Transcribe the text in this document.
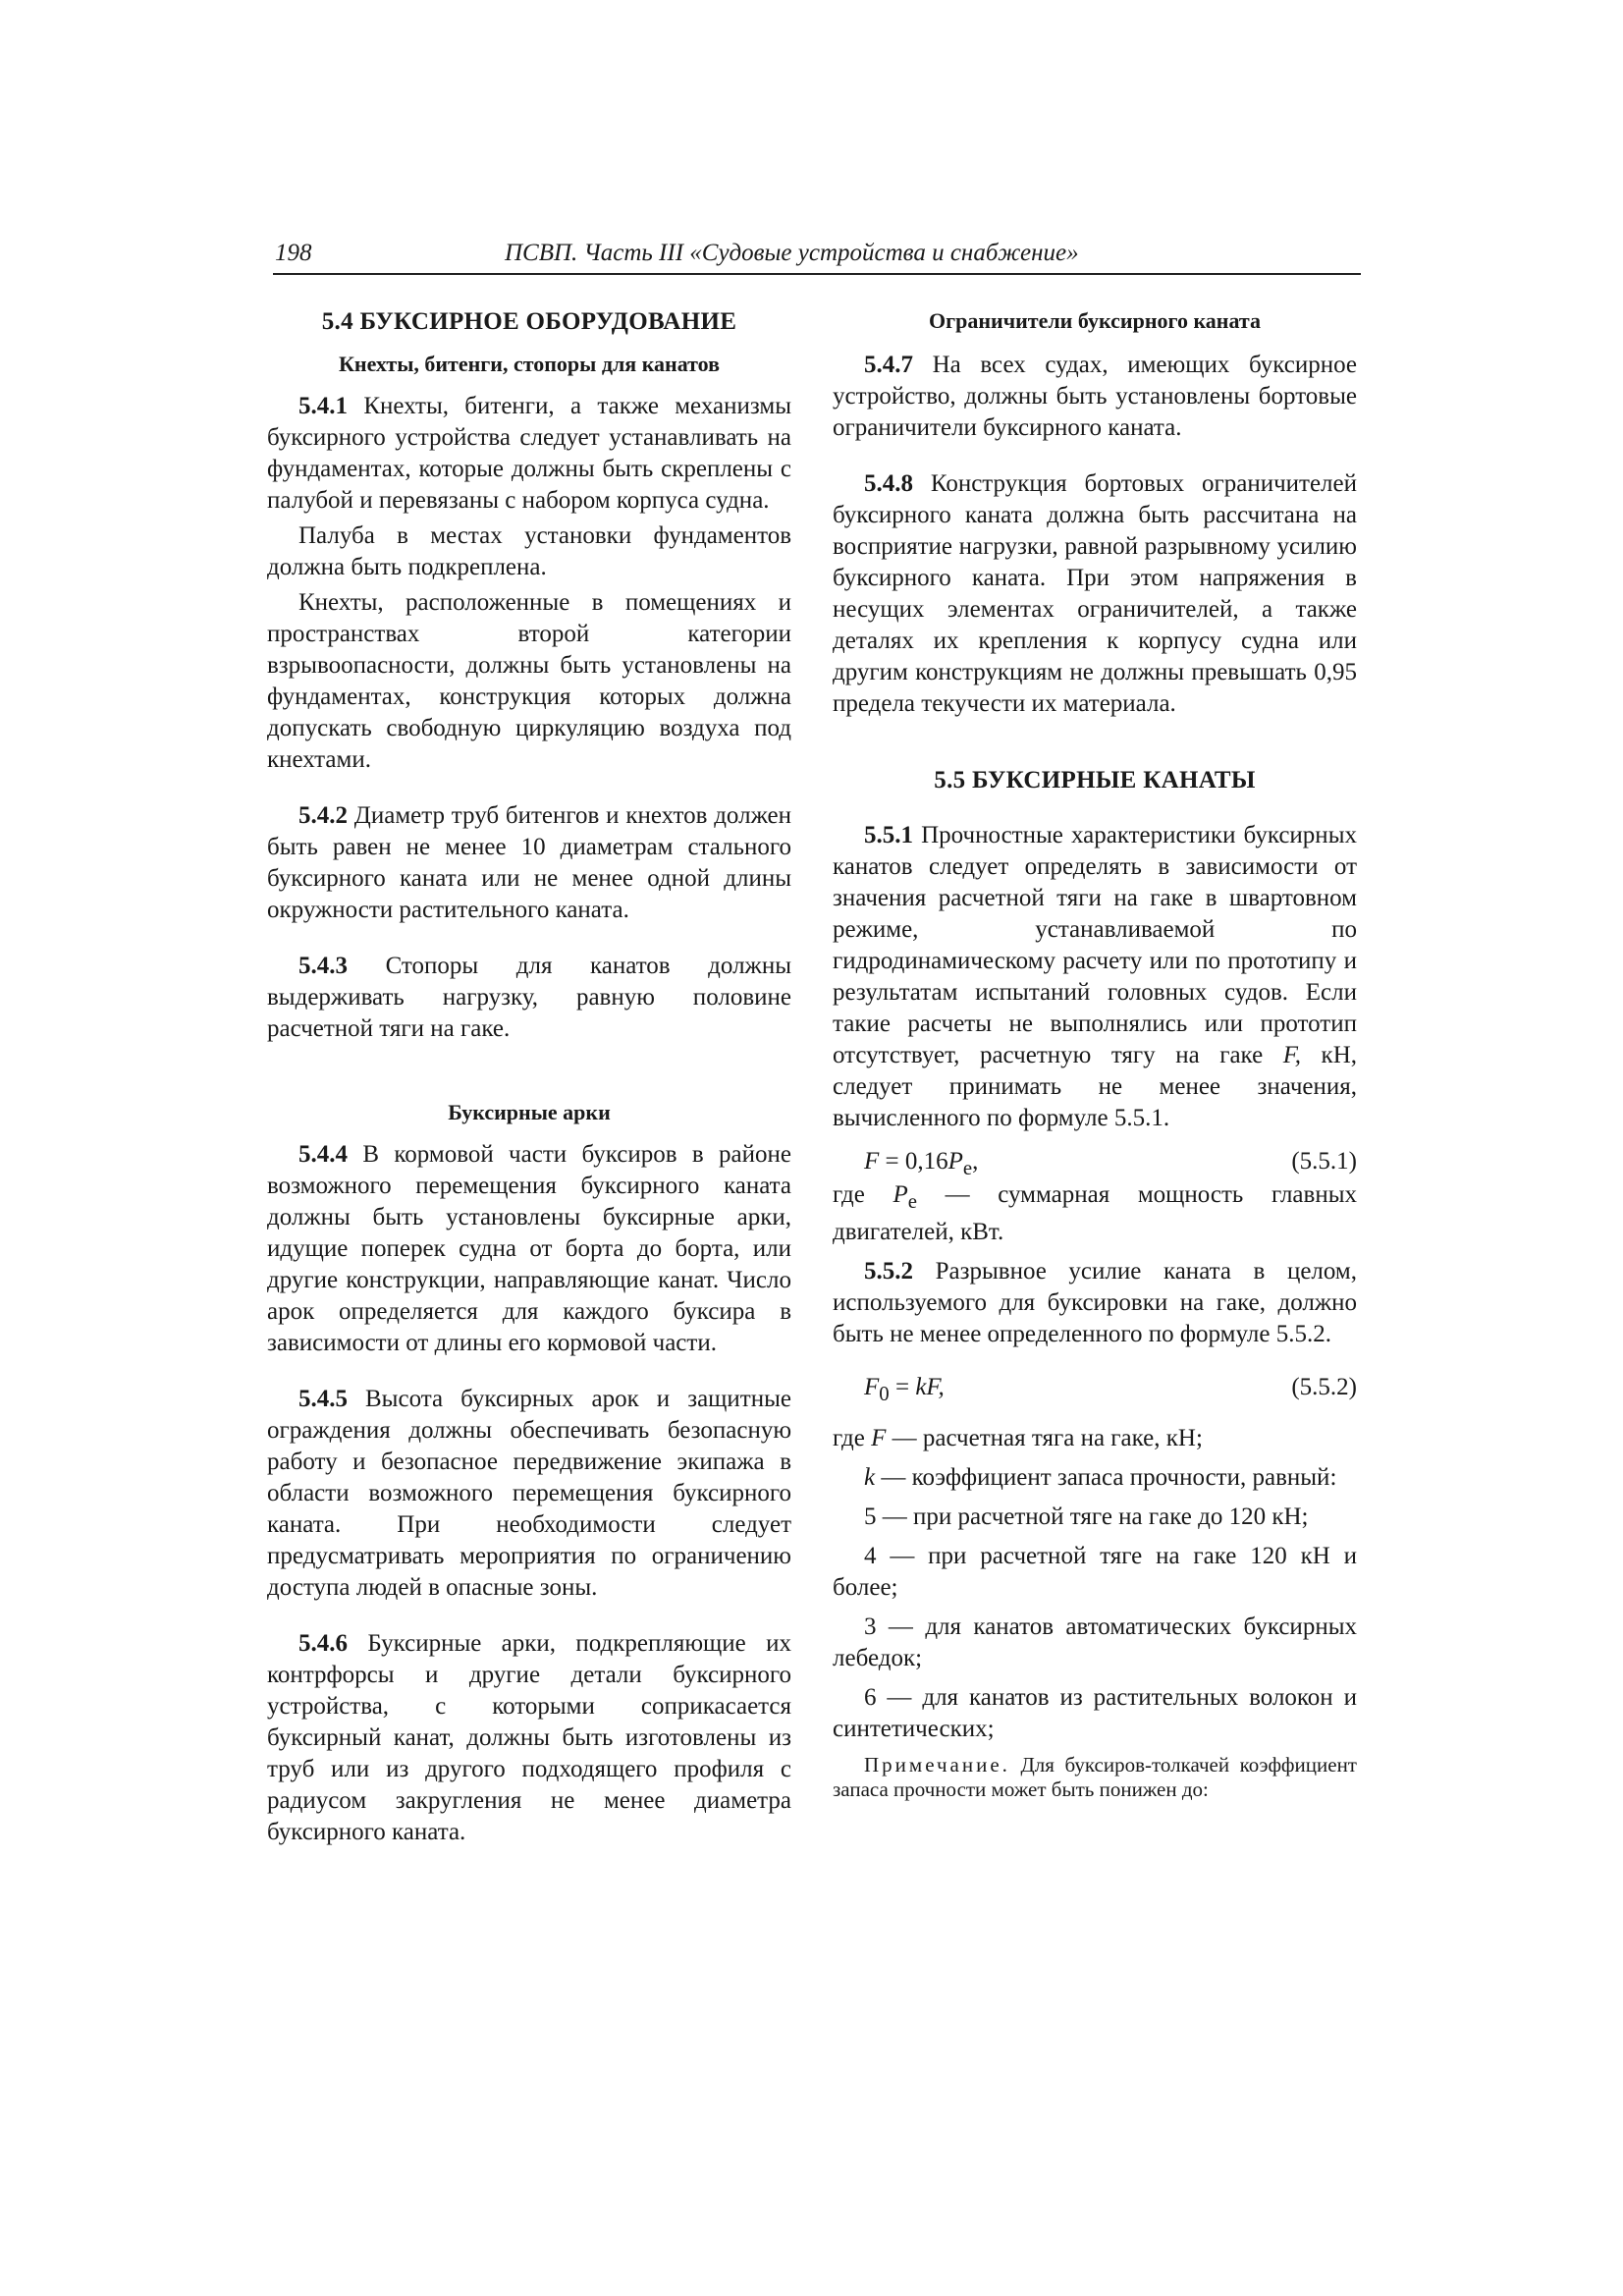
198	ПСВП. Часть III «Судовые устройства и снабжение»
5.4 БУКСИРНОЕ ОБОРУДОВАНИЕ
Кнехты, битенги, стопоры для канатов

5.4.1 Кнехты, битенги, а также механизмы буксирного устройства следует устанавливать на фундаментах, которые должны быть скреплены с палубой и перевязаны с набором корпуса судна.

Палуба в местах установки фундаментов должна быть подкреплена.

Кнехты, расположенные в помещениях и пространствах второй категории взрывоопасности, должны быть установлены на фундаментах, конструкция которых должна допускать свободную циркуляцию воздуха под кнехтами.

5.4.2 Диаметр труб битенгов и кнехтов должен быть равен не менее 10 диаметрам стального буксирного каната или не менее одной длины окружности растительного каната.

5.4.3 Стопоры для канатов должны выдерживать нагрузку, равную половине расчетной тяги на гаке.

Буксирные арки

5.4.4 В кормовой части буксиров в районе возможного перемещения буксирного каната должны быть установлены буксирные арки, идущие поперек судна от борта до борта, или другие конструкции, направляющие канат. Число арок определяется для каждого буксира в зависимости от длины его кормовой части.

5.4.5 Высота буксирных арок и защитные ограждения должны обеспечивать безопасную работу и безопасное передвижение экипажа в области возможного перемещения буксирного каната. При необходимости следует предусматривать мероприятия по ограничению доступа людей в опасные зоны.

5.4.6 Буксирные арки, подкрепляющие их контрфорсы и другие детали буксирного устройства, с которыми соприкасается буксирный канат, должны быть изготовлены из труб или из другого подходящего профиля с радиусом закругления не менее диаметра буксирного каната.

Ограничители буксирного каната

5.4.7 На всех судах, имеющих буксирное устройство, должны быть установлены бортовые ограничители буксирного каната.

5.4.8 Конструкция бортовых ограничителей буксирного каната должна быть рассчитана на восприятие нагрузки, равной разрывному усилию буксирного каната. При этом напряжения в несущих элементах ограничителей, а также деталях их крепления к корпусу судна или другим конструкциям не должны превышать 0,95 предела текучести их материала.

5.5 БУКСИРНЫЕ КАНАТЫ

5.5.1 Прочностные характеристики буксирных канатов следует определять в зависимости от значения расчетной тяги на гаке в швартовном режиме, устанавливаемой по гидродинамическому расчету или по прототипу и результатам испытаний головных судов. Если такие расчеты не выполнялись или прототип отсутствует, расчетную тягу на гаке F, кН, следует принимать не менее значения, вычисленного по формуле 5.5.1.

$F = 0,16P_e$,	(5.5.1)

где $P_e$ — суммарная мощность главных двигателей, кВт.

5.5.2 Разрывное усилие каната в целом, используемого для буксировки на гаке, должно быть не менее определенного по формуле 5.5.2.

$F_0$ = kF,	(5.5.2)

где F — расчетная тяга на гаке, кН;

k — коэффициент запаса прочности, равный:

5 — при расчетной тяге на гаке до 120 кН;

4 — при расчетной тяге на гаке 120 кН и более;

3 — для канатов автоматических буксирных лебедок;

6 — для канатов из растительных волокон и синтетических;

Примечание. Для буксиров-толкачей коэффициент запаса прочности может быть понижен до:
